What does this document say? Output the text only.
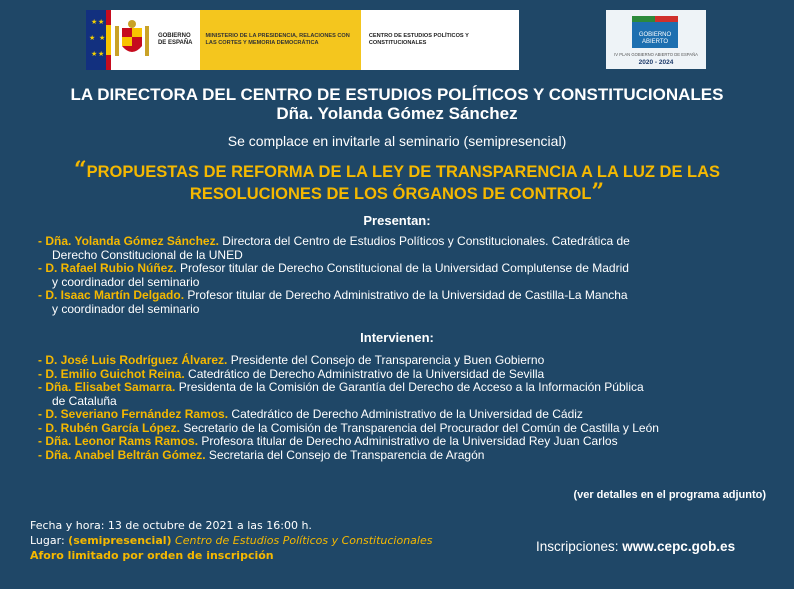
★ ★
★ ★
★ ★
GOBIERNO DE ESPAÑA
MINISTERIO DE LA PRESIDENCIA, RELACIONES CON LAS CORTES Y MEMORIA DEMOCRÁTICA
CENTRO DE ESTUDIOS POLÍTICOS Y CONSTITUCIONALES
GOBIERNO ABIERTO
IV PLAN GOBIERNO ABIERTO DE ESPAÑA
2020 - 2024
LA DIRECTORA DEL CENTRO DE ESTUDIOS POLÍTICOS Y CONSTITUCIONALES
Dña. Yolanda Gómez Sánchez
Se complace en invitarle al seminario (semipresencial)
“PROPUESTAS DE REFORMA DE LA LEY DE TRANSPARENCIA A LA LUZ DE LAS RESOLUCIONES DE LOS ÓRGANOS DE CONTROL”
Presentan:
- Dña. Yolanda Gómez Sánchez. Directora del Centro de Estudios Políticos y Constitucionales. Catedrática de
Derecho Constitucional de la UNED
- D. Rafael Rubio Núñez. Profesor titular de Derecho Constitucional de la Universidad Complutense de Madrid
y coordinador del seminario
- D. Isaac Martín Delgado. Profesor titular de Derecho Administrativo de la Universidad de Castilla-La Mancha
y coordinador del seminario
Intervienen:
- D. José Luis Rodríguez Álvarez. Presidente del Consejo de Transparencia y Buen Gobierno
- D. Emilio Guichot Reina. Catedrático de Derecho Administrativo de la Universidad de Sevilla
- Dña. Elisabet Samarra. Presidenta de la Comisión de Garantía del Derecho de Acceso a la Información Pública
de Cataluña
- D. Severiano Fernández Ramos. Catedrático de Derecho Administrativo de la Universidad de Cádiz
- D. Rubén García López. Secretario de la Comisión de Transparencia del Procurador del Común de Castilla y León
- Dña. Leonor Rams Ramos. Profesora titular de Derecho Administrativo de la Universidad Rey Juan Carlos
- Dña. Anabel Beltrán Gómez. Secretaria del Consejo de Transparencia de Aragón
(ver detalles en el programa adjunto)
Fecha y hora: 13 de octubre de 2021 a las 16:00 h.
Lugar: (semipresencial) Centro de Estudios Políticos y Constitucionales
Aforo limitado por orden de inscripción
Inscripciones: www.cepc.gob.es
